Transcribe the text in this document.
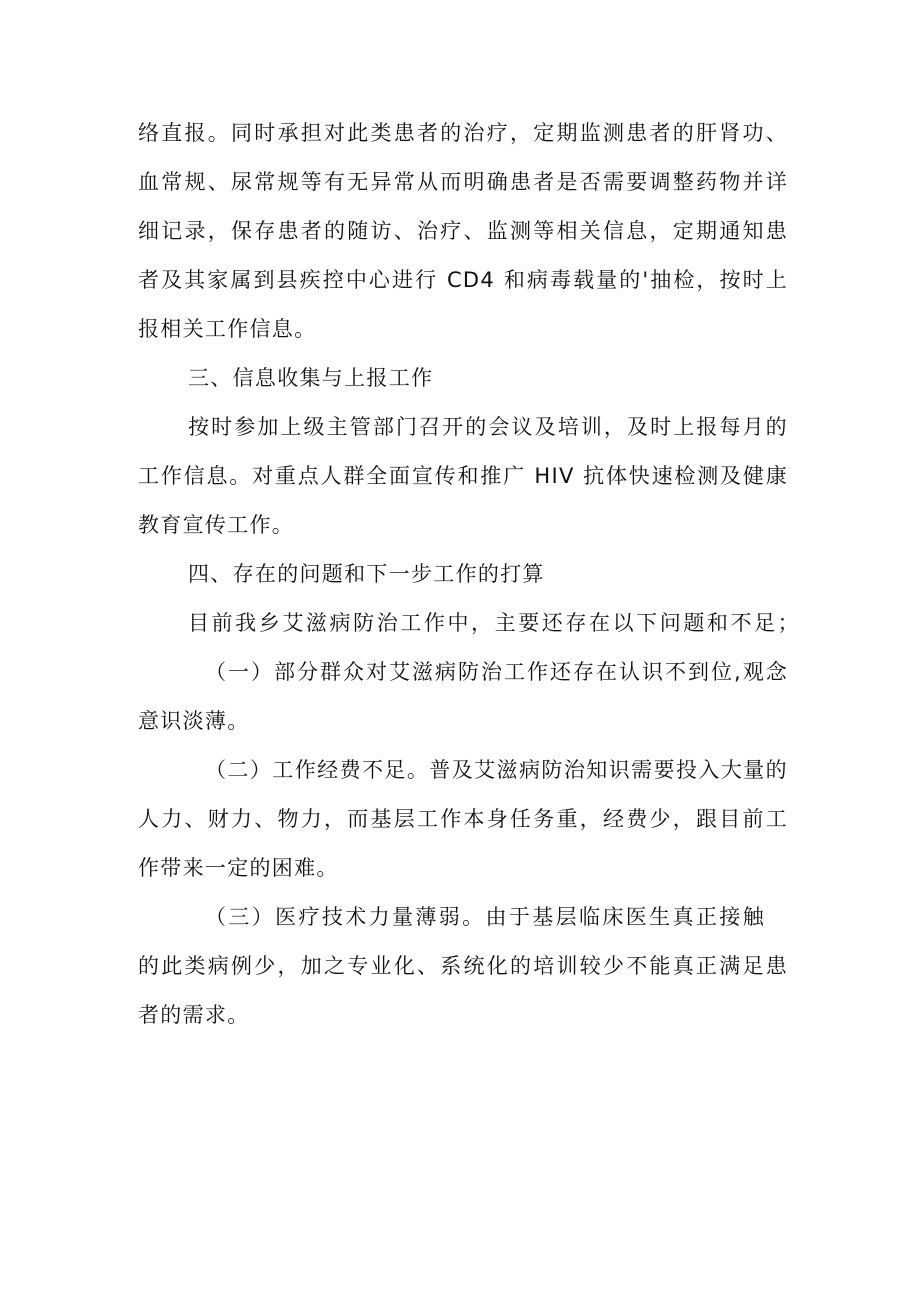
络直报。同时承担对此类患者的治疗，定期监测患者的肝肾功、
血常规、尿常规等有无异常从而明确患者是否需要调整药物并详
细记录，保存患者的随访、治疗、监测等相关信息，定期通知患
者及其家属到县疾控中心进行 CD4 和病毒载量的'抽检，按时上
报相关工作信息。
三、信息收集与上报工作
按时参加上级主管部门召开的会议及培训，及时上报每月的
工作信息。对重点人群全面宣传和推广 HIV 抗体快速检测及健康
教育宣传工作。
四、存在的问题和下一步工作的打算
目前我乡艾滋病防治工作中，主要还存在以下问题和不足；
（一）部分群众对艾滋病防治工作还存在认识不到位,观念
意识淡薄。
（二）工作经费不足。普及艾滋病防治知识需要投入大量的
人力、财力、物力，而基层工作本身任务重，经费少，跟目前工
作带来一定的困难。
（三）医疗技术力量薄弱。由于基层临床医生真正接触
的此类病例少，加之专业化、系统化的培训较少不能真正满足患
者的需求。
